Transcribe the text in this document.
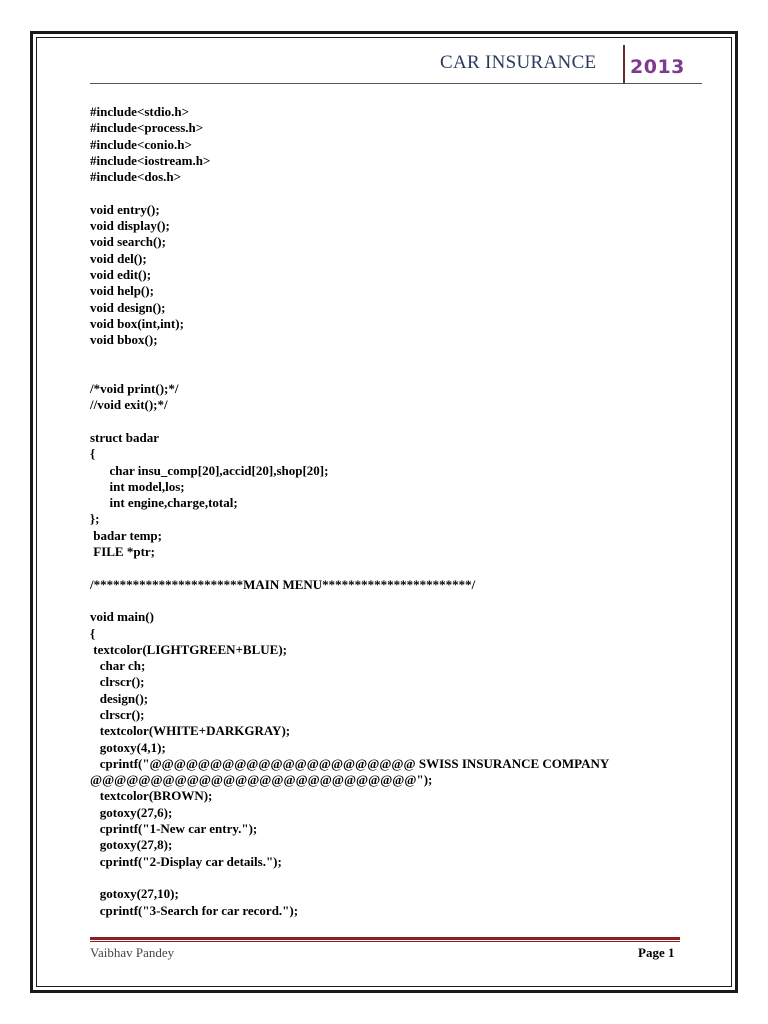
CAR INSURANCE 2013
#include<stdio.h>
#include<process.h>
#include<conio.h>
#include<iostream.h>
#include<dos.h>
void entry();
void display();
void search();
void del();
void edit();
void help();
void design();
void box(int,int);
void bbox();
/*void print();*/
//void exit();*/
struct badar
{
char insu_comp[20],accid[20],shop[20];
int model,los;
int engine,charge,total;
};
badar temp;
FILE *ptr;
/***********************MAIN MENU***********************/
void main()
{
textcolor(LIGHTGREEN+BLUE);
char ch;
clrscr();
design();
clrscr();
textcolor(WHITE+DARKGRAY);
gotoxy(4,1);
cprintf("@@@@@@@@@@@@@@@@@@@@@@ SWISS INSURANCE COMPANY
@@@@@@@@@@@@@@@@@@@@@@@@@@@");
textcolor(BROWN);
gotoxy(27,6);
cprintf("1-New car entry.");
gotoxy(27,8);
cprintf("2-Display car details.");
gotoxy(27,10);
cprintf("3-Search for car record.");
Vaibhav Pandey	Page 1
